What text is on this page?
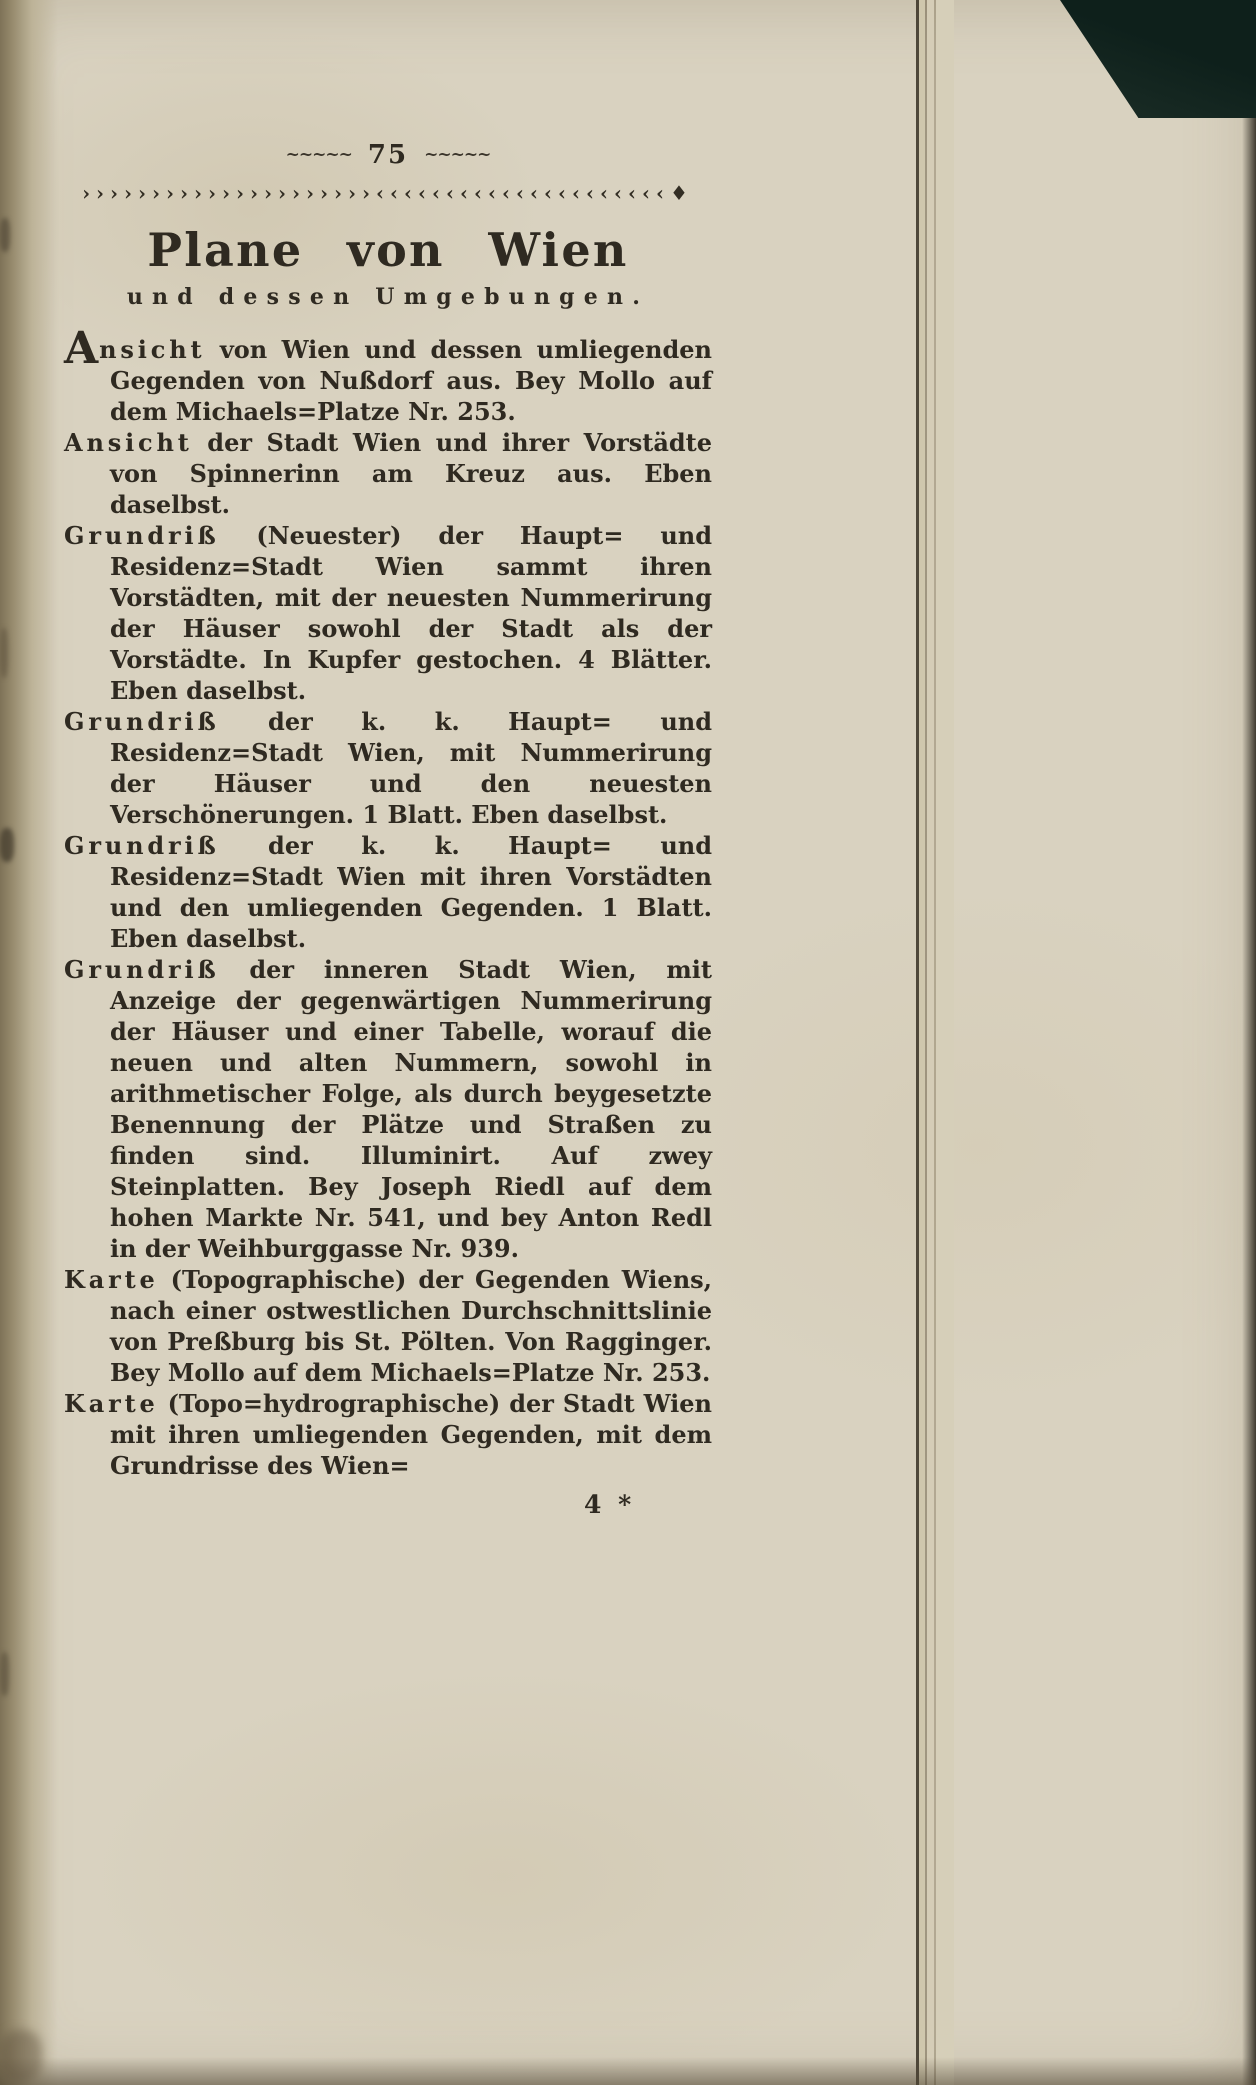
~~~~~ 75 ~~~~~
›››››››››››››››››››››‹‹‹‹‹‹‹‹‹‹‹‹‹‹‹‹‹‹‹‹‹♦
Plane von Wien
und dessen Umgebungen.

Ansicht von Wien und dessen umliegenden Gegenden von Nußdorf aus. Bey Mollo auf dem Michaels=Platze Nr. 253.

Ansicht der Stadt Wien und ihrer Vorstädte von Spinnerinn am Kreuz aus. Eben daselbst.

Grundriß (Neuester) der Haupt= und Residenz=Stadt Wien sammt ihren Vorstädten, mit der neuesten Nummerirung der Häuser sowohl der Stadt als der Vorstädte. In Kupfer gestochen. 4 Blätter. Eben daselbst.

Grundriß der k. k. Haupt= und Residenz=Stadt Wien, mit Nummerirung der Häuser und den neuesten Verschönerungen. 1 Blatt. Eben daselbst.

Grundriß der k. k. Haupt= und Residenz=Stadt Wien mit ihren Vorstädten und den umliegenden Gegenden. 1 Blatt. Eben daselbst.

Grundriß der inneren Stadt Wien, mit Anzeige der gegenwärtigen Nummerirung der Häuser und einer Tabelle, worauf die neuen und alten Nummern, sowohl in arithmetischer Folge, als durch beygesetzte Benennung der Plätze und Straßen zu finden sind. Illuminirt. Auf zwey Steinplatten. Bey Joseph Riedl auf dem hohen Markte Nr. 541, und bey Anton Redl in der Weihburggasse Nr. 939.

Karte (Topographische) der Gegenden Wiens, nach einer ostwestlichen Durchschnittslinie von Preßburg bis St. Pölten. Von Ragginger. Bey Mollo auf dem Michaels=Platze Nr. 253.

Karte (Topo=hydrographische) der Stadt Wien mit ihren umliegenden Gegenden, mit dem Grundrisse des Wien=

4 *
